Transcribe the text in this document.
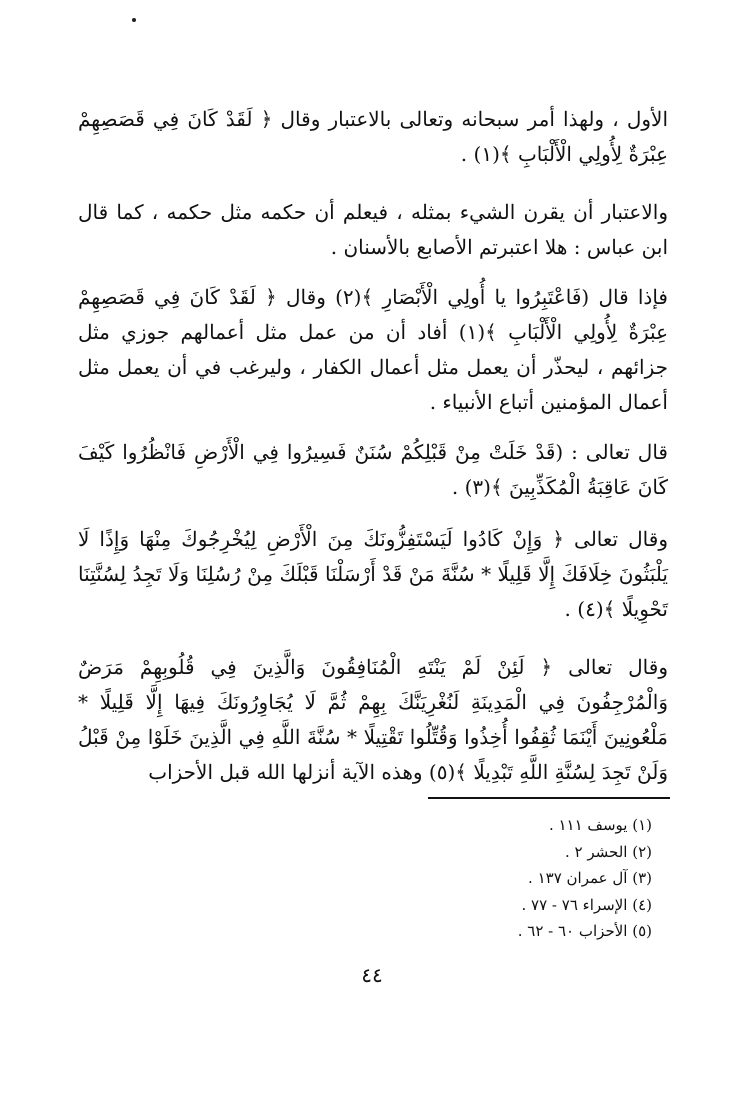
الأول ، ولهذا أمر سبحانه وتعالى بالاعتبار وقال ﴿ لَقَدْ كَانَ فِي قَصَصِهِمْ عِبْرَةٌ لِأُولِي الْأَلْبَابِ ﴾(١) .
والاعتبار أن يقرن الشيء بمثله ، فيعلم أن حكمه مثل حكمه ، كما قال ابن عباس : هلا اعتبرتم الأصابع بالأسنان .
فإذا قال (فَاعْتَبِرُوا يا أُولِي الْأَبْصَارِ ﴾(٢) وقال ﴿ لَقَدْ كَانَ فِي قَصَصِهِمْ عِبْرَةٌ لِأُولِي الْأَلْبَابِ ﴾(١) أفاد أن من عمل مثل أعمالهم جوزي مثل جزائهم ، ليحذّر أن يعمل مثل أعمال الكفار ، وليرغب في أن يعمل مثل أعمال المؤمنين أتباع الأنبياء .
قال تعالى : (قَدْ خَلَتْ مِنْ قَبْلِكُمْ سُنَنٌ فَسِيرُوا فِي الْأَرْضِ فَانْظُرُوا كَيْفَ كَانَ عَاقِبَةُ الْمُكَذِّبِينَ ﴾(٣) .
وقال تعالى ﴿ وَإِنْ كَادُوا لَيَسْتَفِزُّونَكَ مِنَ الْأَرْضِ لِيُخْرِجُوكَ مِنْهَا وَإِذًا لَا يَلْبَثُونَ خِلَافَكَ إِلَّا قَلِيلًا * سُنَّةَ مَنْ قَدْ أَرْسَلْنَا قَبْلَكَ مِنْ رُسُلِنَا وَلَا تَجِدُ لِسُنَّتِنَا تَحْوِيلًا ﴾(٤) .
وقال تعالى ﴿ لَئِنْ لَمْ يَنْتَهِ الْمُنَافِقُونَ وَالَّذِينَ فِي قُلُوبِهِمْ مَرَضٌ وَالْمُرْجِفُونَ فِي الْمَدِينَةِ لَنُغْرِيَنَّكَ بِهِمْ ثُمَّ لَا يُجَاوِرُونَكَ فِيهَا إِلَّا قَلِيلًا * مَلْعُونِينَ أَيْنَمَا ثُقِفُوا أُخِذُوا وَقُتِّلُوا تَقْتِيلًا * سُنَّةَ اللَّهِ فِي الَّذِينَ خَلَوْا مِنْ قَبْلُ وَلَنْ تَجِدَ لِسُنَّةِ اللَّهِ تَبْدِيلًا ﴾(٥) وهذه الآية أنزلها الله قبل الأحزاب
(١) يوسف ١١١ .
(٢) الحشر ٢ .
(٣) آل عمران ١٣٧ .
(٤) الإسراء ٧٦ - ٧٧ .
(٥) الأحزاب ٦٠ - ٦٢ .
٤٤
